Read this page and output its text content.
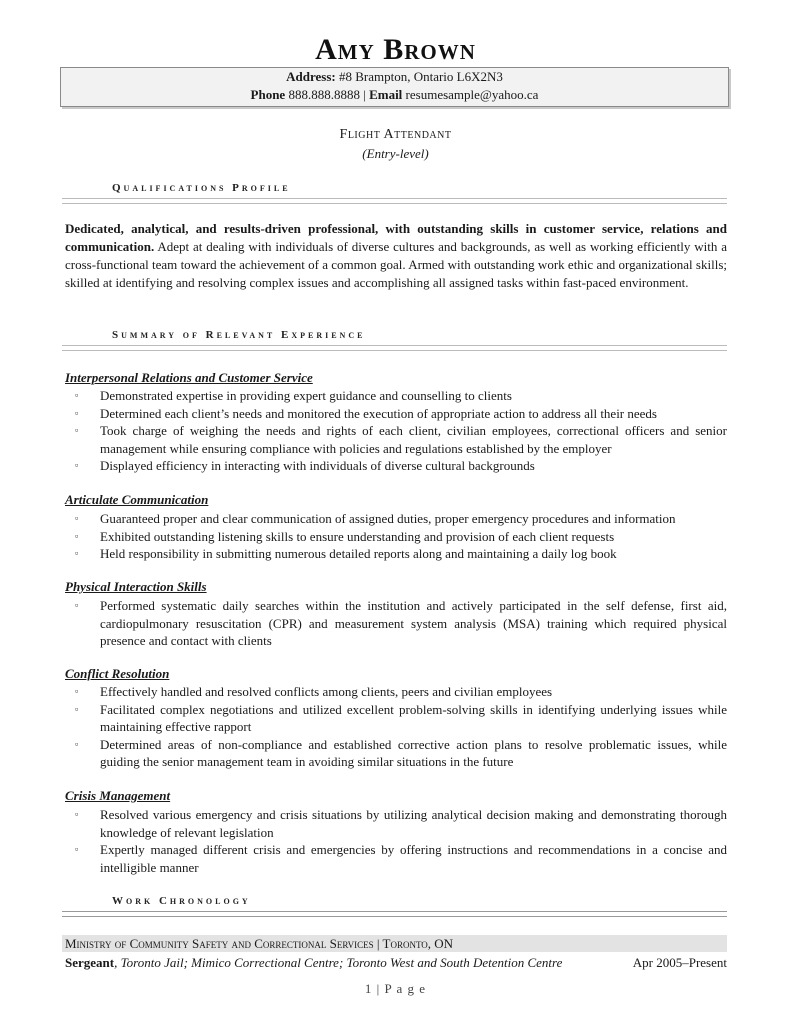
Amy Brown
Address: #8 Brampton, Ontario L6X2N3
Phone 888.888.8888 | Email resumesample@yahoo.ca
Flight Attendant
(Entry-level)
Qualifications Profile
Dedicated, analytical, and results-driven professional, with outstanding skills in customer service, relations and communication. Adept at dealing with individuals of diverse cultures and backgrounds, as well as working efficiently with a cross-functional team toward the achievement of a common goal. Armed with outstanding work ethic and organizational skills; skilled at identifying and resolving complex issues and accomplishing all assigned tasks within fast-paced environment.
Summary of Relevant Experience
Interpersonal Relations and Customer Service
▫ Demonstrated expertise in providing expert guidance and counselling to clients
▫ Determined each client’s needs and monitored the execution of appropriate action to address all their needs
▫ Took charge of weighing the needs and rights of each client, civilian employees, correctional officers and senior management while ensuring compliance with policies and regulations established by the employer
▫ Displayed efficiency in interacting with individuals of diverse cultural backgrounds
Articulate Communication
▫ Guaranteed proper and clear communication of assigned duties, proper emergency procedures and information
▫ Exhibited outstanding listening skills to ensure understanding and provision of each client requests
▫ Held responsibility in submitting numerous detailed reports along and maintaining a daily log book
Physical Interaction Skills
▫ Performed systematic daily searches within the institution and actively participated in the self defense, first aid, cardiopulmonary resuscitation (CPR) and measurement system analysis (MSA) training which required physical presence and contact with clients
Conflict Resolution
▫ Effectively handled and resolved conflicts among clients, peers and civilian employees
▫ Facilitated complex negotiations and utilized excellent problem-solving skills in identifying underlying issues while maintaining effective rapport
▫ Determined areas of non-compliance and established corrective action plans to resolve problematic issues, while guiding the senior management team in avoiding similar situations in the future
Crisis Management
▫ Resolved various emergency and crisis situations by utilizing analytical decision making and demonstrating thorough knowledge of relevant legislation
▫ Expertly managed different crisis and emergencies by offering instructions and recommendations in a concise and intelligible manner
Work Chronology
Ministry of Community Safety and Correctional Services | Toronto, ON
Sergeant, Toronto Jail; Mimico Correctional Centre; Toronto West and South Detention Centre	Apr 2005–Present
1 | P a g e
